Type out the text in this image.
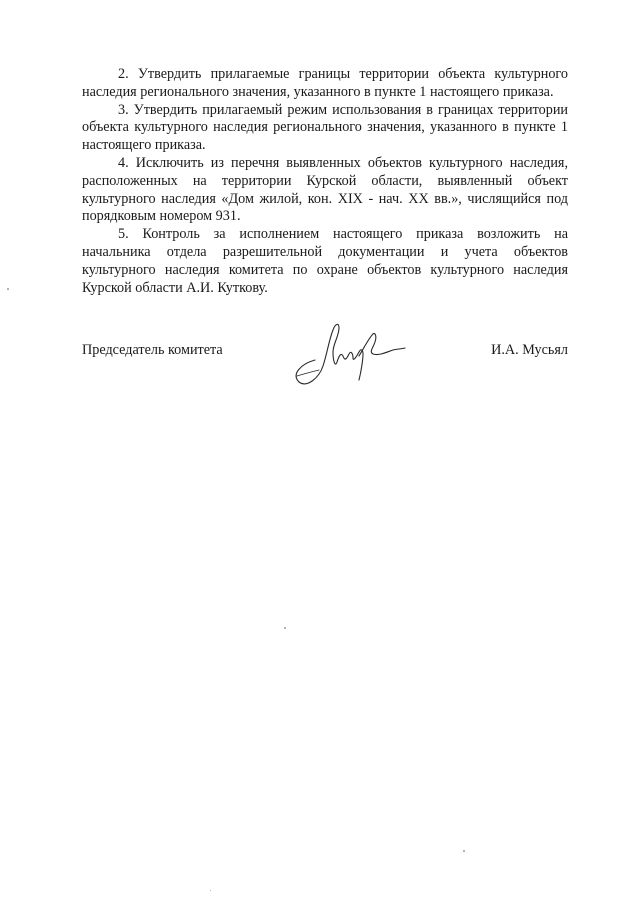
2. Утвердить прилагаемые границы территории объекта культурного наследия регионального значения, указанного в пункте 1 настоящего приказа.

3. Утвердить прилагаемый режим использования в границах территории объекта культурного наследия регионального значения, указанного в пункте 1 настоящего приказа.

4. Исключить из перечня выявленных объектов культурного наследия, расположенных на территории Курской области, выявленный объект культурного наследия «Дом жилой, кон. XIX - нач. XX вв.», числящийся под порядковым номером 931.

5. Контроль за исполнением настоящего приказа возложить на начальника отдела разрешительной документации и учета объектов культурного наследия комитета по охране объектов культурного наследия Курской области А.И. Куткову.

Председатель комитета	И.А. Мусьял
